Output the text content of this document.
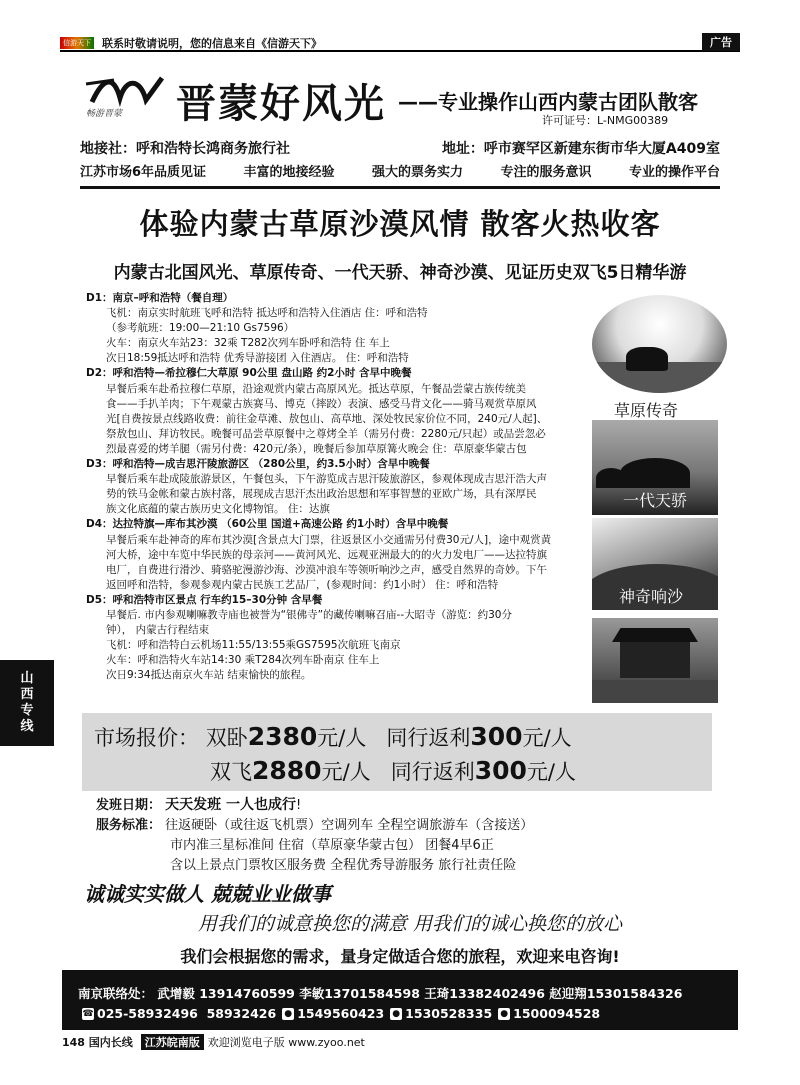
信游天下 联系时敬请说明，您的信息来自《信游天下》	广告
畅游晋蒙 晋蒙好风光 ——专业操作山西内蒙古团队散客
许可证号：L-NMG00389
地接社：呼和浩特长鸿商务旅行社	地址：呼市赛罕区新建东街市华大厦A409室
江苏市场6年品质见证	丰富的地接经验	强大的票务实力	专注的服务意识	专业的操作平台
体验内蒙古草原沙漠风情 散客火热收客
内蒙古北国风光、草原传奇、一代天骄、神奇沙漠、见证历史双飞5日精华游
D1：南京–呼和浩特（餐自理）
飞机：南京实时航班飞呼和浩特 抵达呼和浩特入住酒店 住：呼和浩特
（参考航班：19:00—21:10 Gs7596）
火车：南京火车站23：32乘 T282次列车卧呼和浩特 住 车上
次日18:59抵达呼和浩特 优秀导游接团 入住酒店。 住：呼和浩特
D2：呼和浩特—希拉穆仁大草原 90公里 盘山路 约2小时 含早中晚餐
早餐后乘车赴希拉穆仁草原，沿途观赏内蒙古高原风光。抵达草原，午餐品尝蒙古族传统美
食——手扒羊肉；下午观蒙古族赛马、博克（摔跤）表演、感受马背文化——骑马观赏草原风
光[自费按景点线路收费：前往金草滩、敖包山、高草地、深处牧民家价位不同，240元/人起]、
祭敖包山、拜访牧民。晚餐可品尝草原餐中之尊烤全羊（需另付费：2280元/只起）或品尝忽必
烈最喜爱的烤羊腿（需另付费：420元/条），晚餐后参加草原篝火晚会 住：草原豪华蒙古包
D3：呼和浩特—成吉思汗陵旅游区 （280公里，约3.5小时）含早中晚餐
早餐后乘车赴成陵旅游景区，午餐包头，下午游览成吉思汗陵旅游区，参观体现成吉思汗浩大声
势的铁马金帐和蒙古族村落，展现成吉思汗杰出政治思想和军事智慧的亚欧广场，具有深厚民
族文化底蕴的蒙古族历史文化博物馆。 住：达旗
D4：达拉特旗—库布其沙漠 （60公里 国道+高速公路 约1小时）含早中晚餐
早餐后乘车赴神奇的库布其沙漠[含景点大门票，往返景区小交通需另付费30元/人]，途中观赏黄
河大桥，途中车览中华民族的母亲河——黄河风光、远观亚洲最大的的火力发电厂——达拉特旗
电厂，自费进行滑沙、骑骆驼漫游沙海、沙漠冲浪车等领听响沙之声，感受自然界的奇妙。下午
返回呼和浩特，参观参观内蒙古民族工艺品厂，(参观时间：约1小时） 住：呼和浩特
D5：呼和浩特市区景点 行车约15–30分钟 含早餐
早餐后. 市内参观喇嘛教寺庙也被誉为“银佛寺”的藏传喇嘛召庙--大昭寺（游览：约30分
钟）， 内蒙古行程结束
飞机：呼和浩特白云机场11:55/13:55乘GS7595次航班飞南京
火车：呼和浩特火车站14:30 乘T284次列车卧南京 住车上
次日9:34抵达南京火车站 结束愉快的旅程。
草原传奇
一代天骄
神奇响沙
山
西
专
线	市场报价： 双卧2380元/人 同行返利300元/人
双飞2880元/人 同行返利300元/人
发班日期： 天天发班 一人也成行!
服务标准： 往返硬卧（或往返飞机票）空调列车 全程空调旅游车（含接送）
市内准三星标准间 住宿（草原豪华蒙古包） 团餐4早6正
含以上景点门票牧区服务费 全程优秀导游服务 旅行社责任险
诚诚实实做人 兢兢业业做事
用我们的诚意换您的满意 用我们的诚心换您的放心
我们会根据您的需求，量身定做适合您的旅程，欢迎来电咨询!
南京联络处： 武增毅 13914760599 李敏13701584598 王琦13382402496 赵迎翔15301584326
☎ 025-58932496
58932426 ● 1549560423 ● 1530528335 ● 1500094528
148 国内长线	江苏皖南版 欢迎浏览电子版 www.zyoo.net
